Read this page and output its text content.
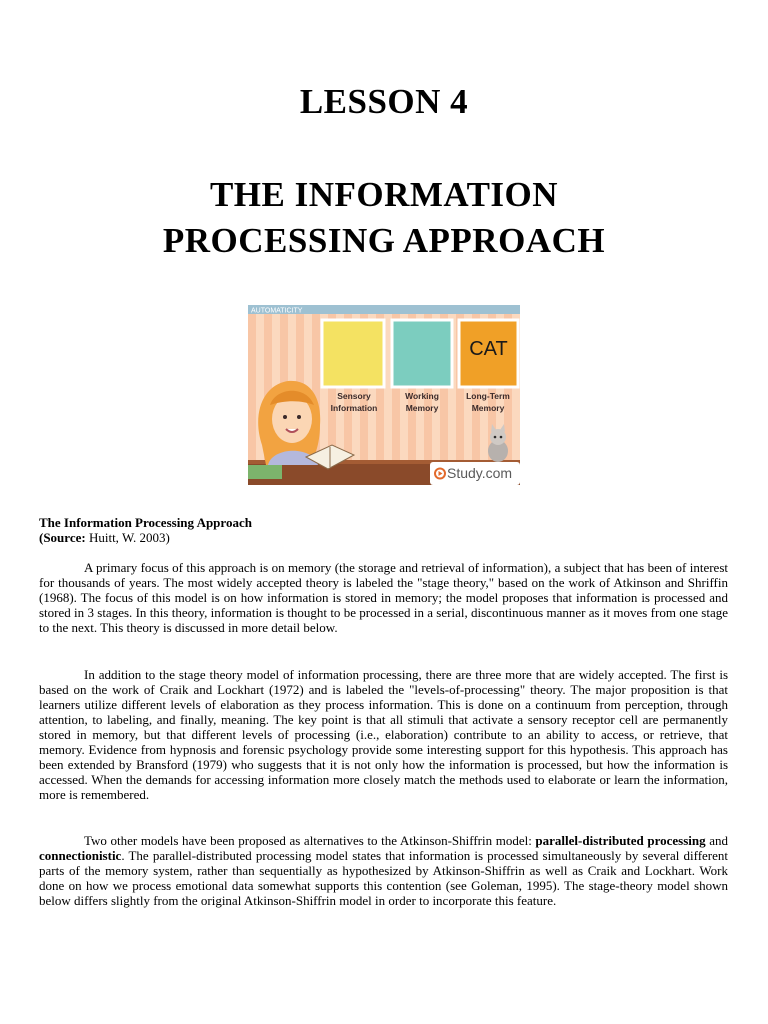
LESSON 4
THE INFORMATION
PROCESSING APPROACH
AUTOMATICITY
CAT
Sensory
Information
Working
Memory
Long-Term
Memory
Study.com
The Information Processing Approach
(Source: Huitt, W. 2003)

A primary focus of this approach is on memory (the storage and retrieval of information), a subject that has been of interest for thousands of years. The most widely accepted theory is labeled the "stage theory," based on the work of Atkinson and Shriffin (1968). The focus of this model is on how information is stored in memory; the model proposes that information is processed and stored in 3 stages. In this theory, information is thought to be processed in a serial, discontinuous manner as it moves from one stage to the next. This theory is discussed in more detail below.

In addition to the stage theory model of information processing, there are three more that are widely accepted. The first is based on the work of Craik and Lockhart (1972) and is labeled the "levels-of-processing" theory. The major proposition is that learners utilize different levels of elaboration as they process information. This is done on a continuum from perception, through attention, to labeling, and finally, meaning. The key point is that all stimuli that activate a sensory receptor cell are permanently stored in memory, but that different levels of processing (i.e., elaboration) contribute to an ability to access, or retrieve, that memory. Evidence from hypnosis and forensic psychology provide some interesting support for this hypothesis. This approach has been extended by Bransford (1979) who suggests that it is not only how the information is processed, but how the information is accessed. When the demands for accessing information more closely match the methods used to elaborate or learn the information, more is remembered.

Two other models have been proposed as alternatives to the Atkinson-Shiffrin model: parallel-distributed processing and connectionistic. The parallel-distributed processing model states that information is processed simultaneously by several different parts of the memory system, rather than sequentially as hypothesized by Atkinson-Shiffrin as well as Craik and Lockhart. Work done on how we process emotional data somewhat supports this contention (see Goleman, 1995). The stage-theory model shown below differs slightly from the original Atkinson-Shiffrin model in order to incorporate this feature.
